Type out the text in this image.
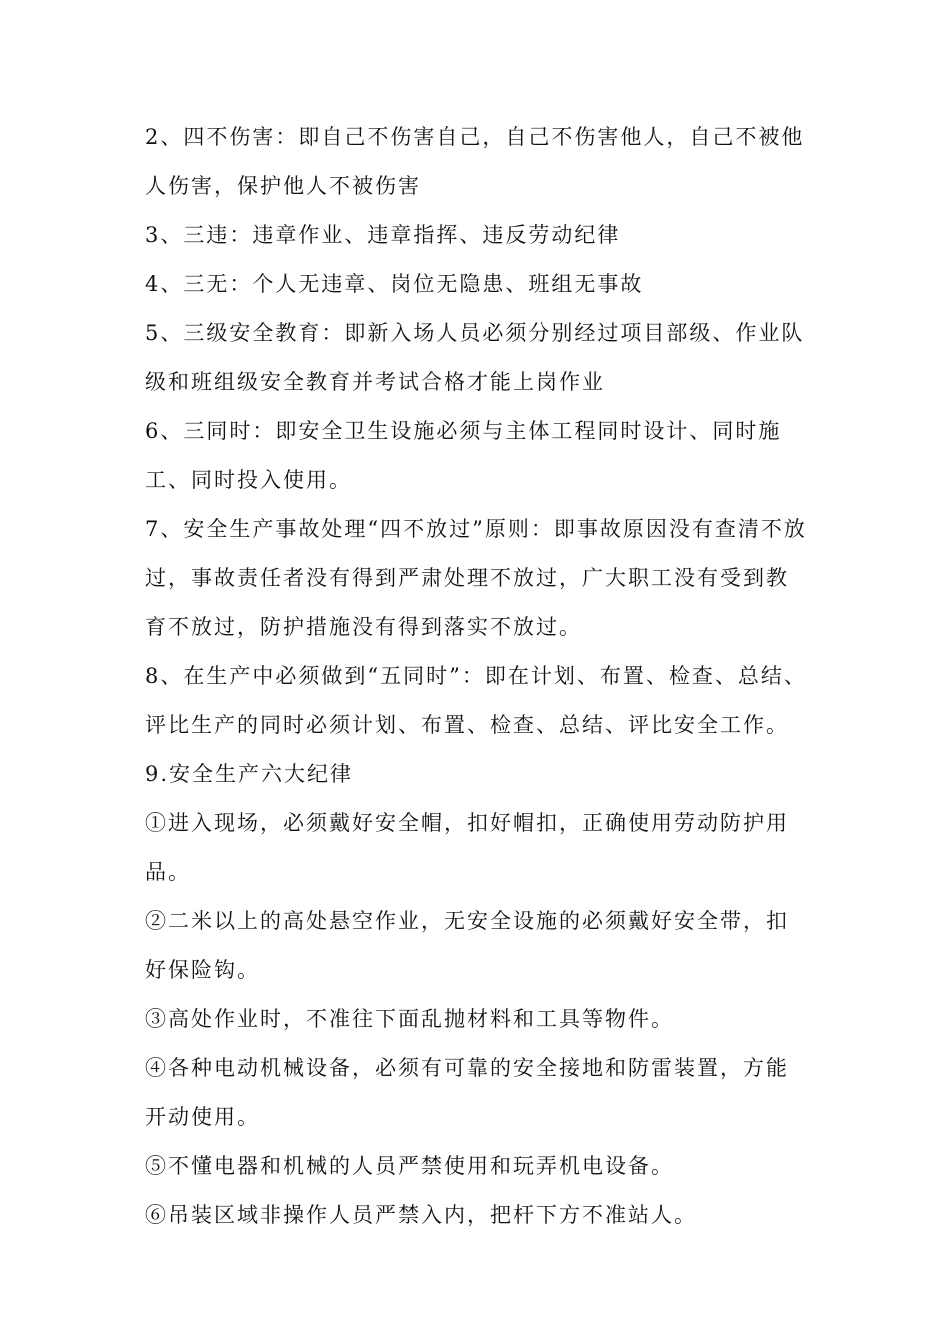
2、四不伤害：即自己不伤害自己，自己不伤害他人，自己不被他人伤害，保护他人不被伤害

3、三违：违章作业、违章指挥、违反劳动纪律

4、三无：个人无违章、岗位无隐患、班组无事故

5、三级安全教育：即新入场人员必须分别经过项目部级、作业队级和班组级安全教育并考试合格才能上岗作业

6、三同时：即安全卫生设施必须与主体工程同时设计、同时施工、同时投入使用。

7、安全生产事故处理“四不放过”原则：即事故原因没有查清不放过，事故责任者没有得到严肃处理不放过，广大职工没有受到教育不放过，防护措施没有得到落实不放过。

8、在生产中必须做到“五同时”：即在计划、布置、检查、总结、评比生产的同时必须计划、布置、检查、总结、评比安全工作。

9.安全生产六大纪律

①进入现场，必须戴好安全帽，扣好帽扣，正确使用劳动防护用品。

②二米以上的高处悬空作业，无安全设施的必须戴好安全带，扣好保险钩。

③高处作业时，不准往下面乱抛材料和工具等物件。

④各种电动机械设备，必须有可靠的安全接地和防雷装置，方能开动使用。

⑤不懂电器和机械的人员严禁使用和玩弄机电设备。

⑥吊装区域非操作人员严禁入内，把杆下方不准站人。
